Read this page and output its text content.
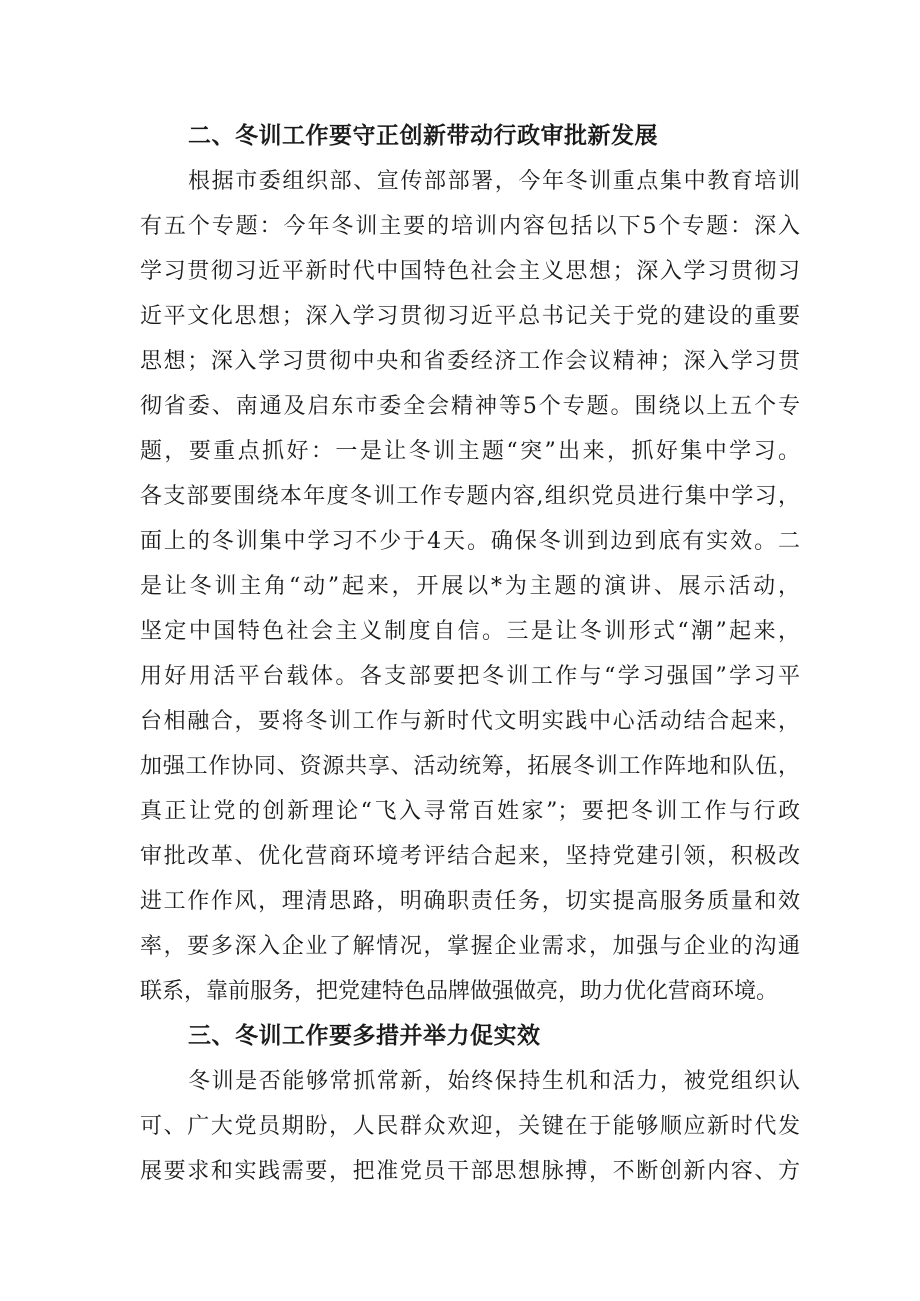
二、冬训工作要守正创新带动行政审批新发展
根据市委组织部、宣传部部署，今年冬训重点集中教育培训
有五个专题：今年冬训主要的培训内容包括以下5个专题：深入
学习贯彻习近平新时代中国特色社会主义思想；深入学习贯彻习
近平文化思想；深入学习贯彻习近平总书记关于党的建设的重要
思想；深入学习贯彻中央和省委经济工作会议精神；深入学习贯
彻省委、南通及启东市委全会精神等5个专题。围绕以上五个专
题，要重点抓好：一是让冬训主题“突”出来，抓好集中学习。
各支部要围绕本年度冬训工作专题内容,组织党员进行集中学习，
面上的冬训集中学习不少于4天。确保冬训到边到底有实效。二
是让冬训主角“动”起来，开展以*为主题的演讲、展示活动，
坚定中国特色社会主义制度自信。三是让冬训形式“潮”起来，
用好用活平台载体。各支部要把冬训工作与“学习强国”学习平
台相融合，要将冬训工作与新时代文明实践中心活动结合起来，
加强工作协同、资源共享、活动统筹，拓展冬训工作阵地和队伍，
真正让党的创新理论“飞入寻常百姓家”；要把冬训工作与行政
审批改革、优化营商环境考评结合起来，坚持党建引领，积极改
进工作作风，理清思路，明确职责任务，切实提高服务质量和效
率，要多深入企业了解情况，掌握企业需求，加强与企业的沟通
联系，靠前服务，把党建特色品牌做强做亮，助力优化营商环境。
三、冬训工作要多措并举力促实效
冬训是否能够常抓常新，始终保持生机和活力，被党组织认
可、广大党员期盼，人民群众欢迎，关键在于能够顺应新时代发
展要求和实践需要，把准党员干部思想脉搏，不断创新内容、方
